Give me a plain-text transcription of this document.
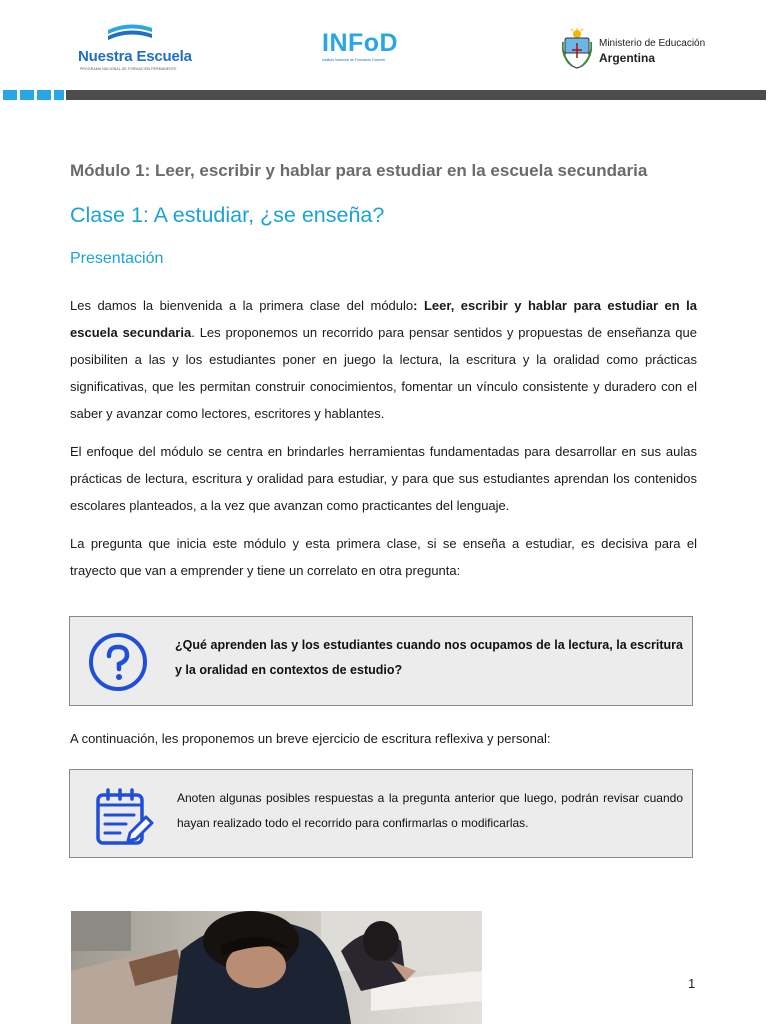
Nuestra Escuela
PROGRAMA NACIONAL DE FORMACIÓN PERMANENTE
INFoD
Instituto Nacional de Formación Docente
Ministerio de Educación
Argentina
Módulo 1: Leer, escribir y hablar para estudiar en la escuela secundaria
Clase 1: A estudiar, ¿se enseña?
Presentación

Les damos la bienvenida a la primera clase del módulo: Leer, escribir y hablar para estudiar en la escuela secundaria. Les proponemos un recorrido para pensar sentidos y propuestas de enseñanza que posibiliten a las y los estudiantes poner en juego la lectura, la escritura y la oralidad como prácticas significativas, que les permitan construir conocimientos, fomentar un vínculo consistente y duradero con el saber y avanzar como lectores, escritores y hablantes.

El enfoque del módulo se centra en brindarles herramientas fundamentadas para desarrollar en sus aulas prácticas de lectura, escritura y oralidad para estudiar, y para que sus estudiantes aprendan los contenidos escolares planteados, a la vez que avanzan como practicantes del lenguaje.

La pregunta que inicia este módulo y esta primera clase, si se enseña a estudiar, es decisiva para el trayecto que van a emprender y tiene un correlato en otra pregunta:

¿Qué aprenden las y los estudiantes cuando nos ocupamos de la lectura, la escritura y la oralidad en contextos de estudio?

A continuación, les proponemos un breve ejercicio de escritura reflexiva y personal:

Anoten algunas posibles respuestas a la pregunta anterior que luego, podrán revisar cuando hayan realizado todo el recorrido para confirmarlas o modificarlas.
1
